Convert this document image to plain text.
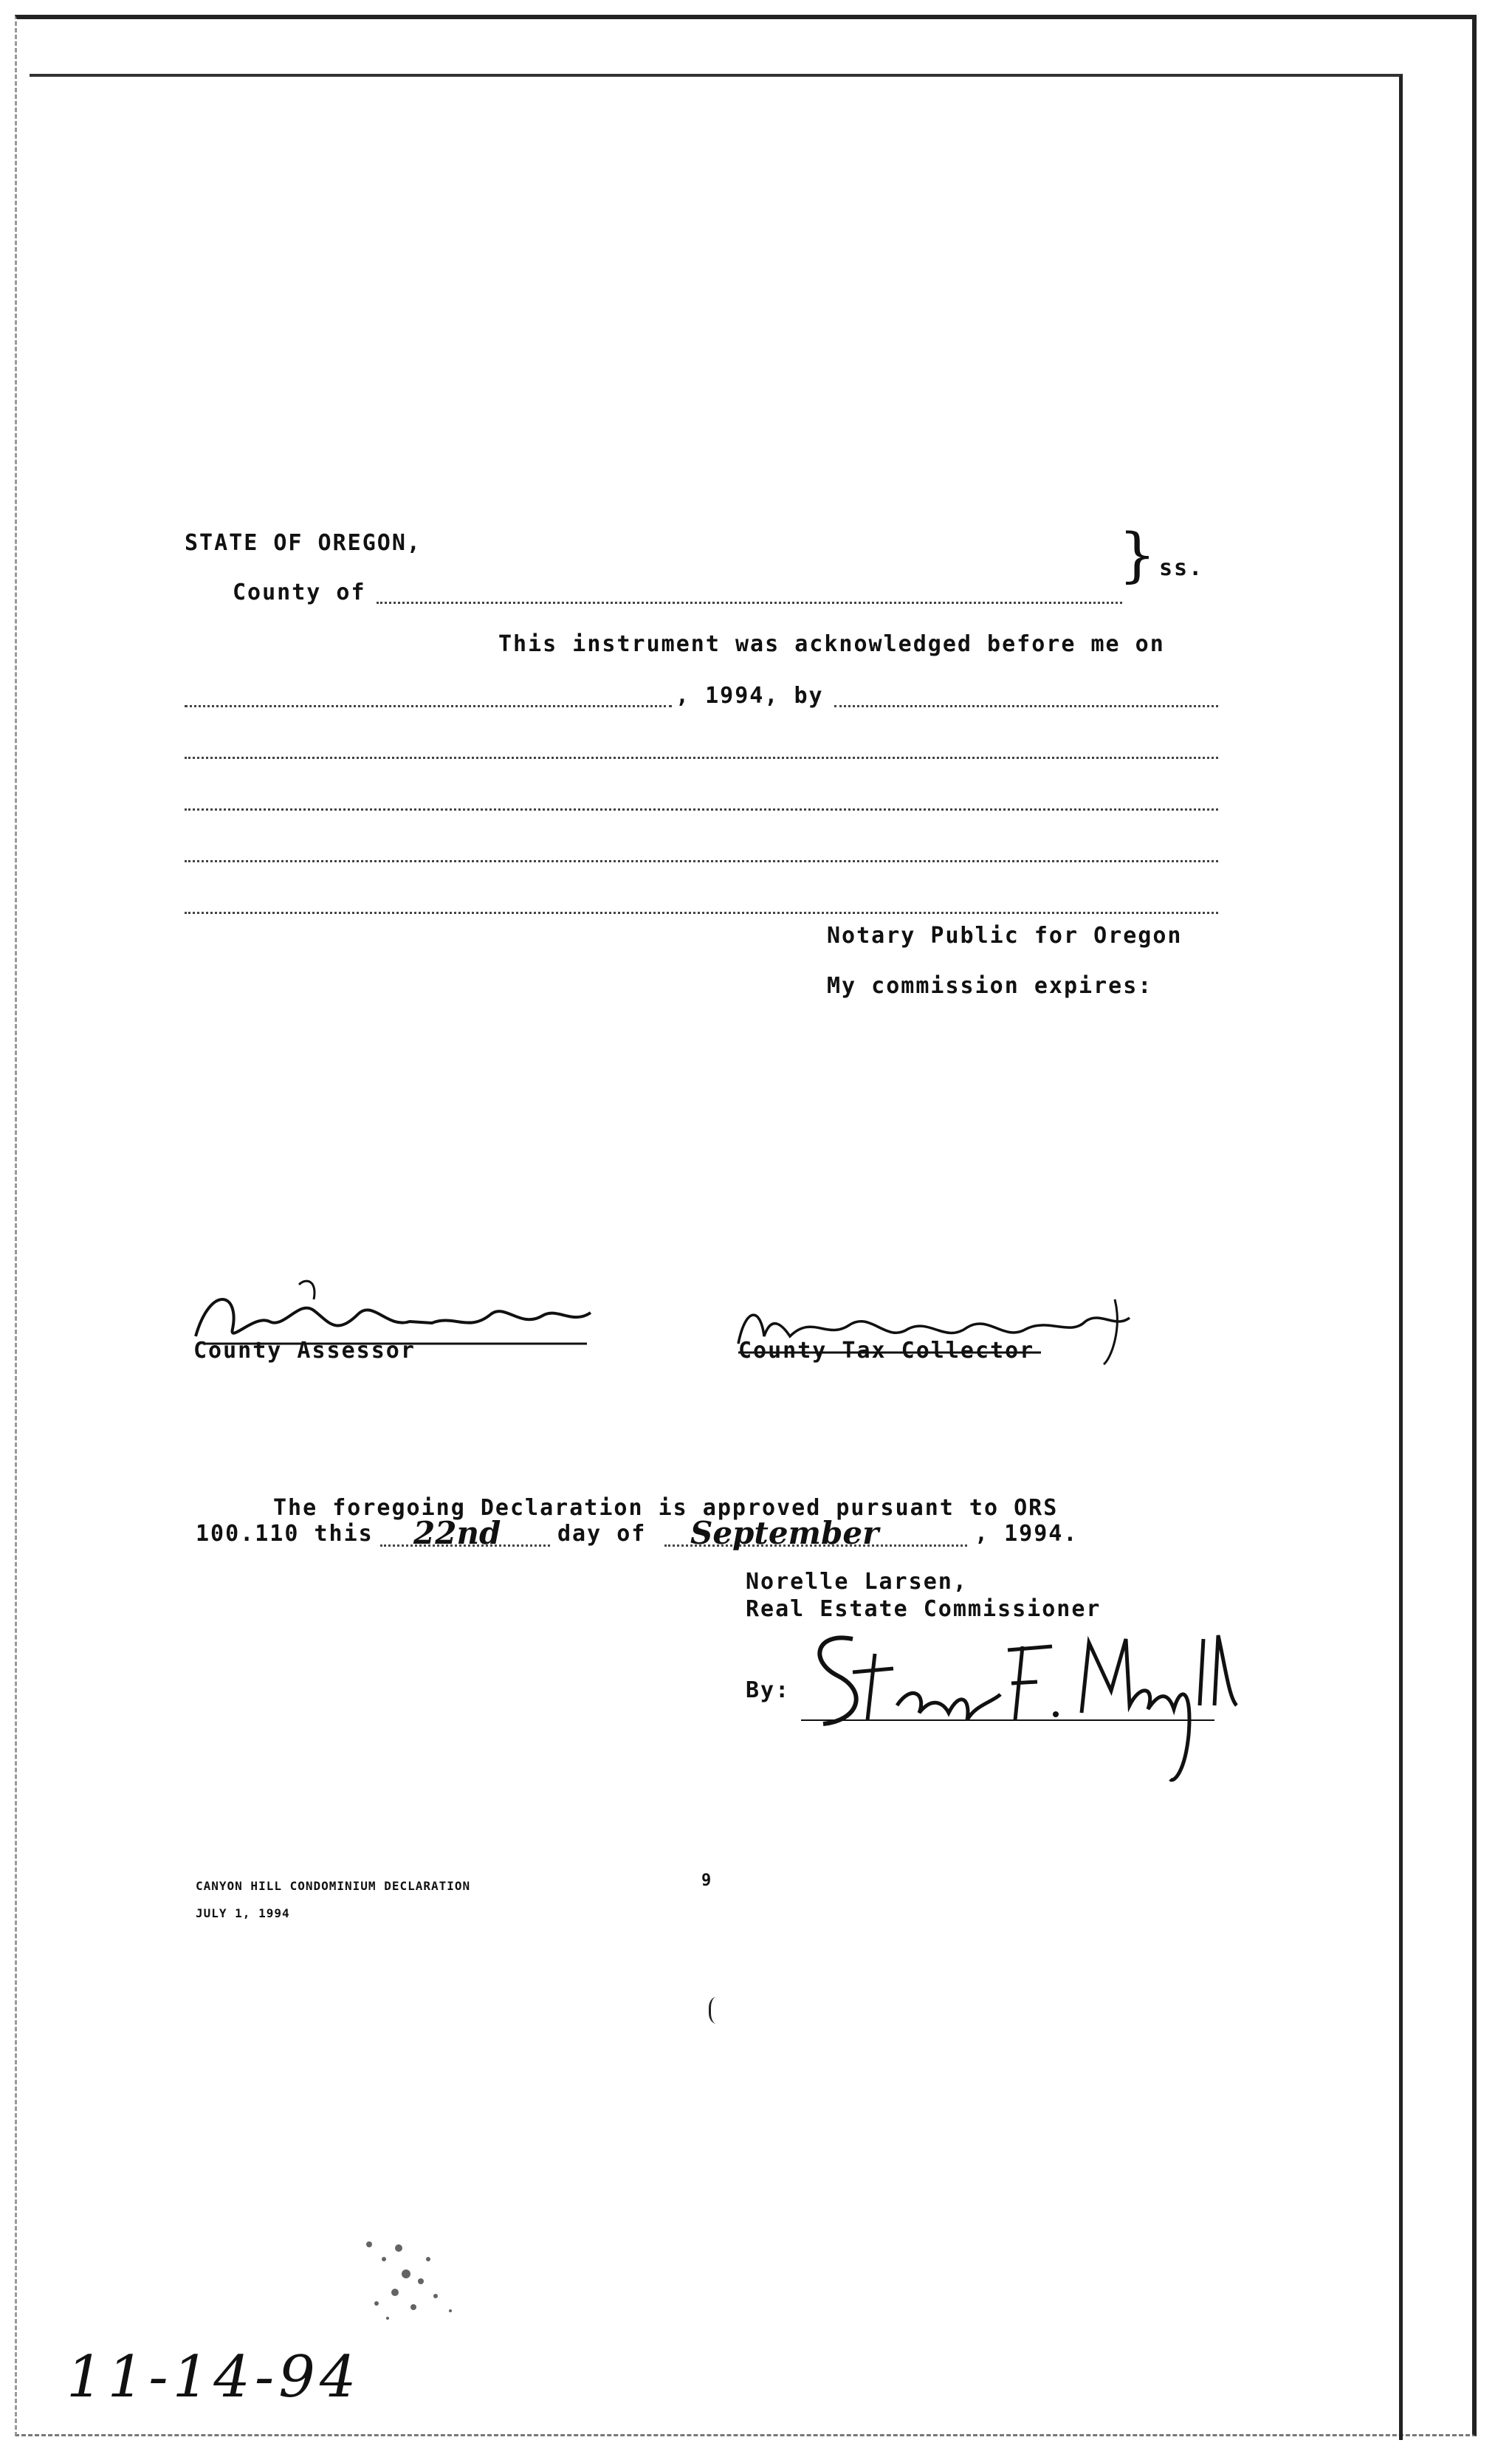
STATE OF OREGON,	} ss.
County of
This instrument was acknowledged before me on
, 1994, by
Notary Public for Oregon
My commission expires:
County Assessor	County Tax Collector
The foregoing Declaration is approved pursuant to ORS
100.110 this 22nd	day of September	, 1994.
Norelle Larsen,
Real Estate Commissioner
By:
CANYON HILL CONDOMINIUM DECLARATION
JULY 1, 1994
9
11-14-94
